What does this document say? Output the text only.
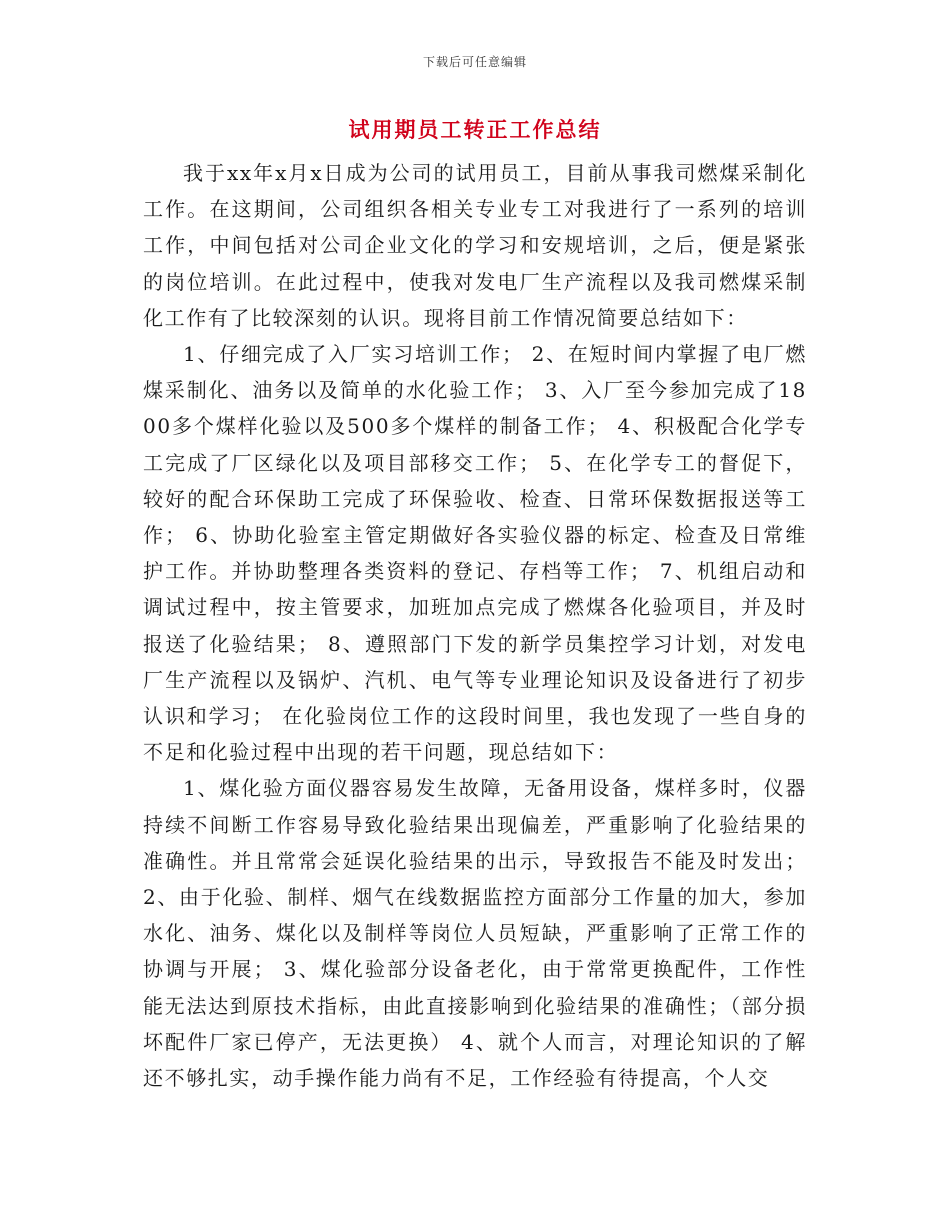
下载后可任意编辑
试用期员工转正工作总结

我于xx年x月x日成为公司的试用员工，目前从事我司燃煤采制化工作。在这期间，公司组织各相关专业专工对我进行了一系列的培训工作，中间包括对公司企业文化的学习和安规培训，之后，便是紧张的岗位培训。在此过程中，使我对发电厂生产流程以及我司燃煤采制化工作有了比较深刻的认识。现将目前工作情况简要总结如下：

1、仔细完成了入厂实习培训工作； 2、在短时间内掌握了电厂燃煤采制化、油务以及简单的水化验工作； 3、入厂至今参加完成了1800多个煤样化验以及500多个煤样的制备工作； 4、积极配合化学专工完成了厂区绿化以及项目部移交工作； 5、在化学专工的督促下，较好的配合环保助工完成了环保验收、检查、日常环保数据报送等工作； 6、协助化验室主管定期做好各实验仪器的标定、检查及日常维护工作。并协助整理各类资料的登记、存档等工作； 7、机组启动和调试过程中，按主管要求，加班加点完成了燃煤各化验项目，并及时报送了化验结果； 8、遵照部门下发的新学员集控学习计划，对发电厂生产流程以及锅炉、汽机、电气等专业理论知识及设备进行了初步认识和学习； 在化验岗位工作的这段时间里，我也发现了一些自身的不足和化验过程中出现的若干问题，现总结如下：

1、煤化验方面仪器容易发生故障，无备用设备，煤样多时，仪器持续不间断工作容易导致化验结果出现偏差，严重影响了化验结果的准确性。并且常常会延误化验结果的出示，导致报告不能及时发出； 2、由于化验、制样、烟气在线数据监控方面部分工作量的加大，参加水化、油务、煤化以及制样等岗位人员短缺，严重影响了正常工作的协调与开展； 3、煤化验部分设备老化，由于常常更换配件，工作性能无法达到原技术指标，由此直接影响到化验结果的准确性；（部分损坏配件厂家已停产，无法更换） 4、就个人而言，对理论知识的了解还不够扎实，动手操作能力尚有不足，工作经验有待提高，个人交
